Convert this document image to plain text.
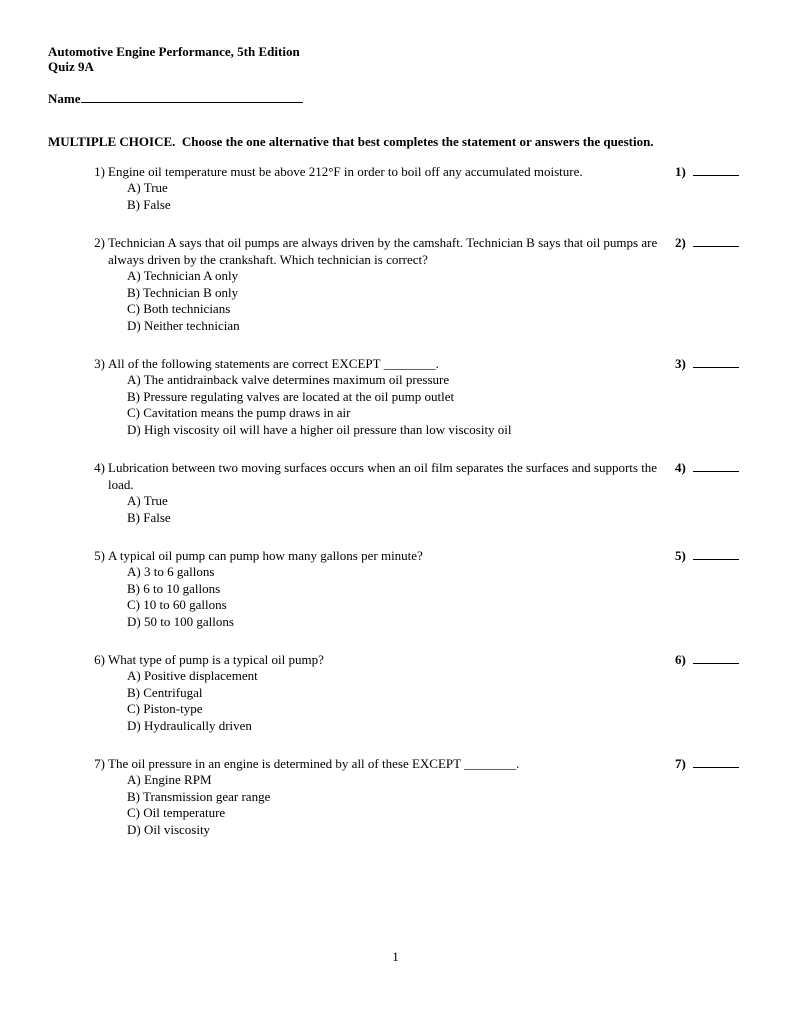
Automotive Engine Performance, 5th Edition
Quiz 9A
Name
MULTIPLE CHOICE.  Choose the one alternative that best completes the statement or answers the question.
1) Engine oil temperature must be above 212°F in order to boil off any accumulated moisture.
A) True
B) False
1)
2) Technician A says that oil pumps are always driven by the camshaft. Technician B says that oil pumps are always driven by the crankshaft. Which technician is correct?
A) Technician A only
B) Technician B only
C) Both technicians
D) Neither technician
2)
3) All of the following statements are correct EXCEPT ________.
A) The antidrainback valve determines maximum oil pressure
B) Pressure regulating valves are located at the oil pump outlet
C) Cavitation means the pump draws in air
D) High viscosity oil will have a higher oil pressure than low viscosity oil
3)
4) Lubrication between two moving surfaces occurs when an oil film separates the surfaces and supports the load.
A) True
B) False
4)
5) A typical oil pump can pump how many gallons per minute?
A) 3 to 6 gallons
B) 6 to 10 gallons
C) 10 to 60 gallons
D) 50 to 100 gallons
5)
6) What type of pump is a typical oil pump?
A) Positive displacement
B) Centrifugal
C) Piston-type
D) Hydraulically driven
6)
7) The oil pressure in an engine is determined by all of these EXCEPT ________.
A) Engine RPM
B) Transmission gear range
C) Oil temperature
D) Oil viscosity
7)
1
